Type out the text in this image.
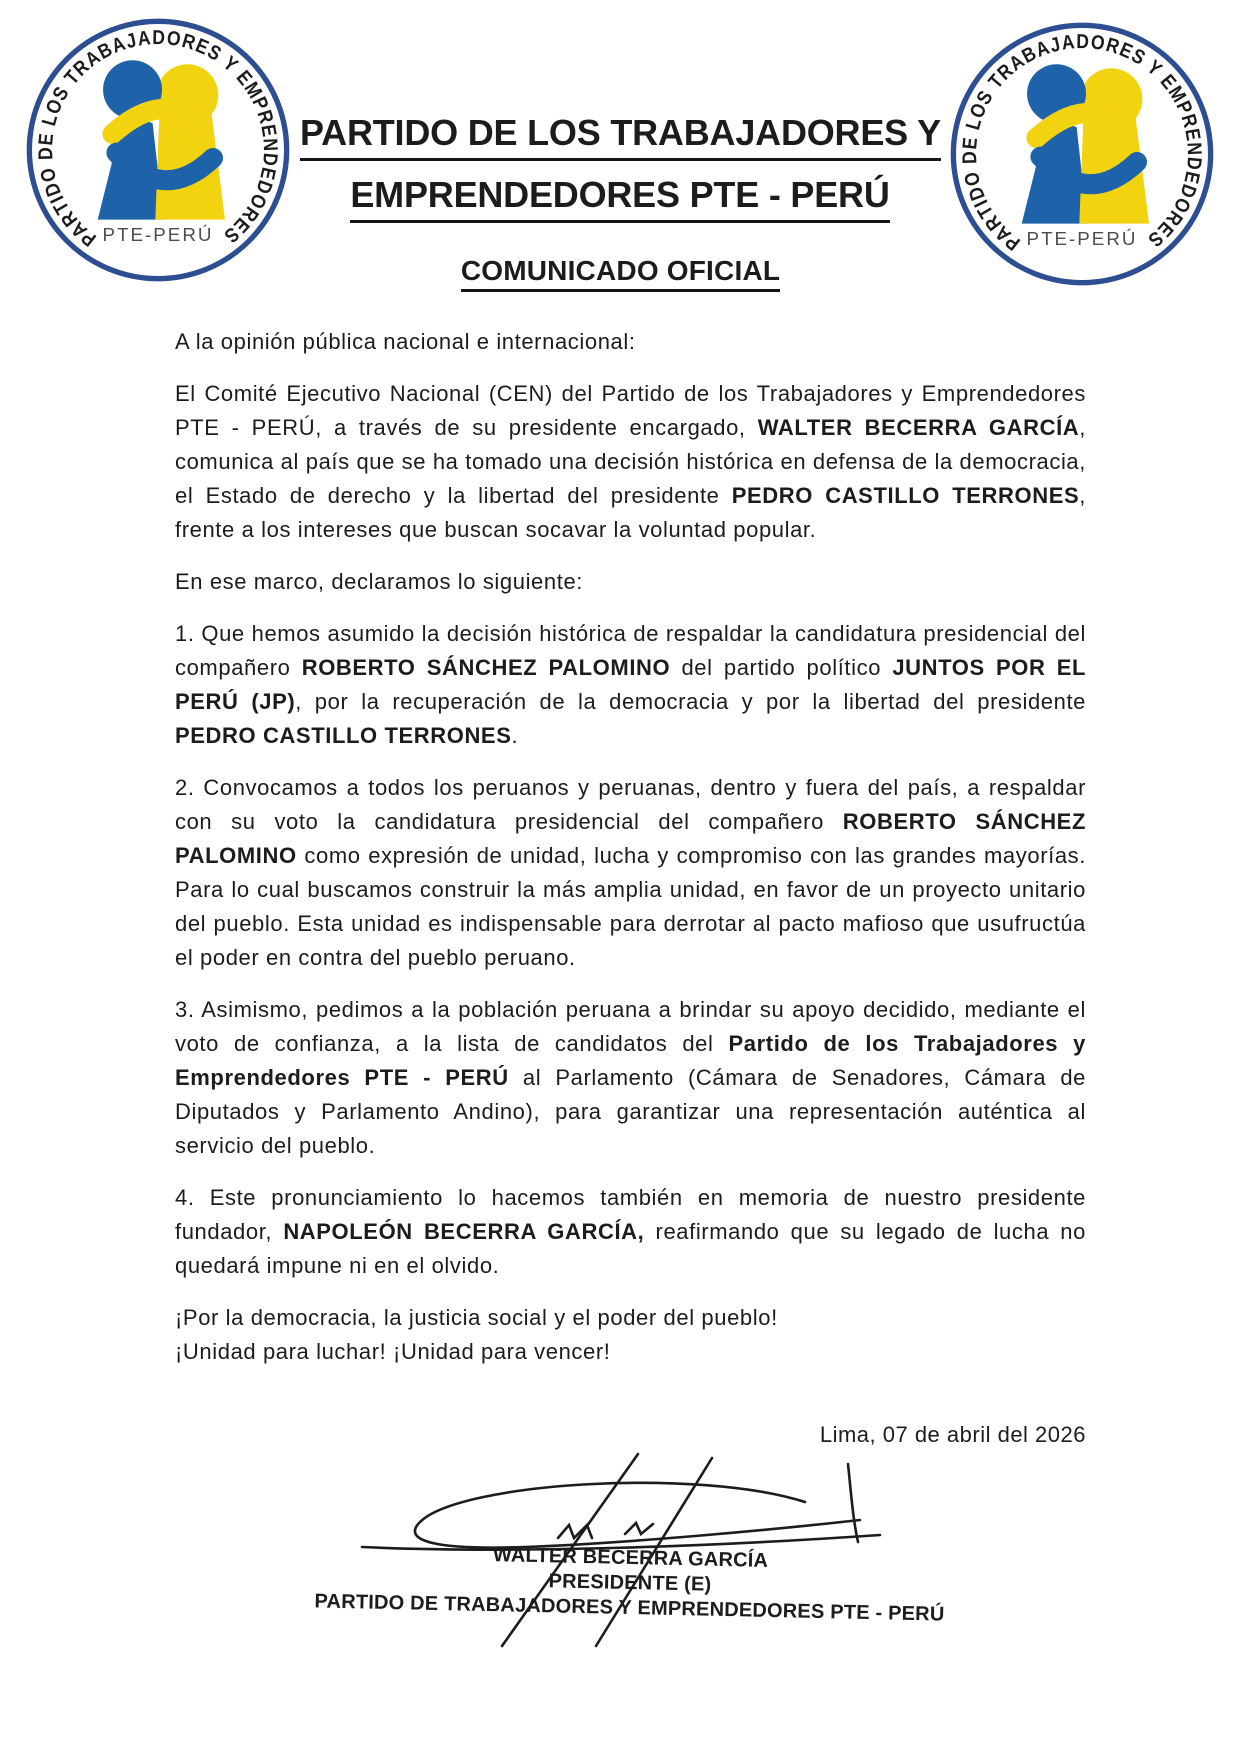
PARTIDO DE LOS TRABAJADORES Y EMPRENDEDORES
PTE-PERÚ	PARTIDO DE LOS TRABAJADORES Y EMPRENDEDORES
PTE-PERÚ
PARTIDO DE LOS TRABAJADORES Y
EMPRENDEDORES PTE - PERÚ
COMUNICADO OFICIAL

A la opinión pública nacional e internacional:

El Comité Ejecutivo Nacional (CEN) del Partido de los Trabajadores y Emprendedores PTE - PERÚ, a través de su presidente encargado, WALTER BECERRA GARCÍA, comunica al país que se ha tomado una decisión histórica en defensa de la democracia, el Estado de derecho y la libertad del presidente PEDRO CASTILLO TERRONES, frente a los intereses que buscan socavar la voluntad popular.

En ese marco, declaramos lo siguiente:

1. Que hemos asumido la decisión histórica de respaldar la candidatura presidencial del compañero ROBERTO SÁNCHEZ PALOMINO del partido político JUNTOS POR EL PERÚ (JP), por la recuperación de la democracia y por la libertad del presidente PEDRO CASTILLO TERRONES.

2. Convocamos a todos los peruanos y peruanas, dentro y fuera del país, a respaldar con su voto la candidatura presidencial del compañero ROBERTO SÁNCHEZ PALOMINO como expresión de unidad, lucha y compromiso con las grandes mayorías. Para lo cual buscamos construir la más amplia unidad, en favor de un proyecto unitario del pueblo. Esta unidad es indispensable para derrotar al pacto mafioso que usufructúa el poder en contra del pueblo peruano.

3. Asimismo, pedimos a la población peruana a brindar su apoyo decidido, mediante el voto de confianza, a la lista de candidatos del Partido de los Trabajadores y Emprendedores PTE - PERÚ al Parlamento (Cámara de Senadores, Cámara de Diputados y Parlamento Andino), para garantizar una representación auténtica al servicio del pueblo.

4. Este pronunciamiento lo hacemos también en memoria de nuestro presidente fundador, NAPOLEÓN BECERRA GARCÍA, reafirmando que su legado de lucha no quedará impune ni en el olvido.

¡Por la democracia, la justicia social y el poder del pueblo!

¡Unidad para luchar! ¡Unidad para vencer!

Lima, 07 de abril del 2026
WALTER BECERRA GARCÍA
PRESIDENTE (E)
PARTIDO DE TRABAJADORES Y EMPRENDEDORES PTE - PERÚ
